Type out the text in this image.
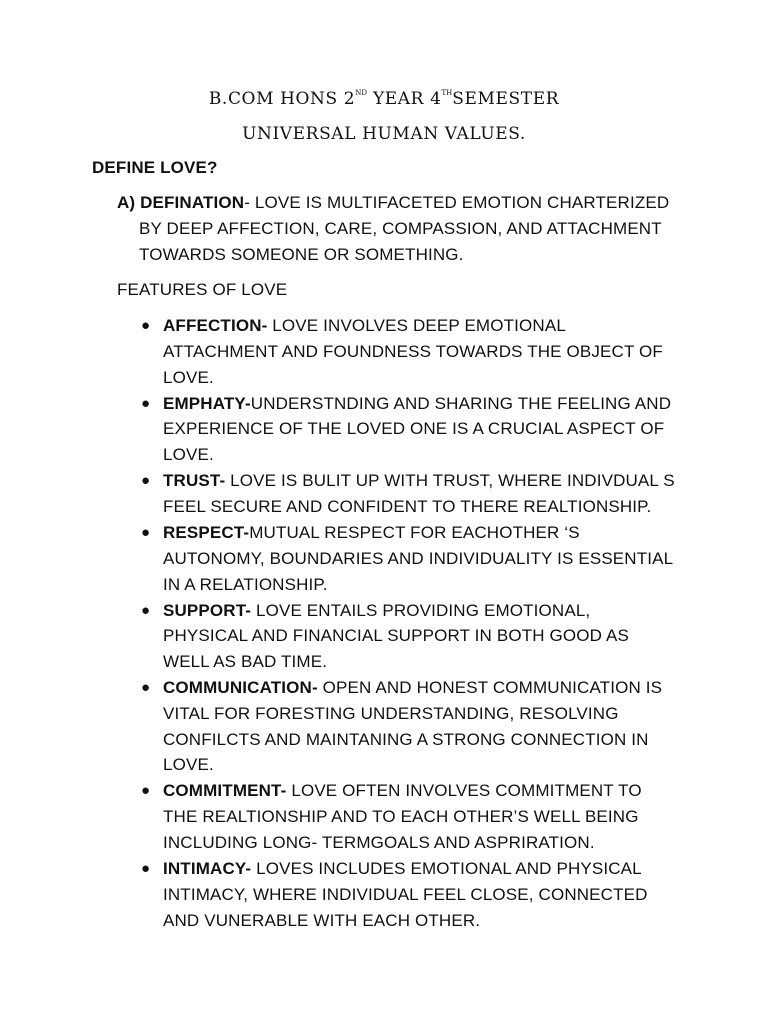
B.COM HONS 2ND YEAR 4THSEMESTER
UNIVERSAL HUMAN VALUES.
DEFINE LOVE?
A) DEFINATION- LOVE IS MULTIFACETED EMOTION CHARTERIZED BY DEEP AFFECTION, CARE, COMPASSION, AND ATTACHMENT TOWARDS SOMEONE OR SOMETHING.
FEATURES OF LOVE
● AFFECTION- LOVE INVOLVES DEEP EMOTIONAL ATTACHMENT AND FOUNDNESS TOWARDS THE OBJECT OF LOVE.
● EMPHATY-UNDERSTNDING AND SHARING THE FEELING AND EXPERIENCE OF THE LOVED ONE IS A CRUCIAL ASPECT OF LOVE.
● TRUST- LOVE IS BULIT UP WITH TRUST, WHERE INDIVDUAL S FEEL SECURE AND CONFIDENT TO THERE REALTIONSHIP.
● RESPECT-MUTUAL RESPECT FOR EACHOTHER ‘S AUTONOMY, BOUNDARIES AND INDIVIDUALITY IS ESSENTIAL IN A RELATIONSHIP.
● SUPPORT- LOVE ENTAILS PROVIDING EMOTIONAL, PHYSICAL AND FINANCIAL SUPPORT IN BOTH GOOD AS WELL AS BAD TIME.
● COMMUNICATION- OPEN AND HONEST COMMUNICATION IS VITAL FOR FORESTING UNDERSTANDING, RESOLVING CONFILCTS AND MAINTANING A STRONG CONNECTION IN LOVE.
● COMMITMENT- LOVE OFTEN INVOLVES COMMITMENT TO THE REALTIONSHIP AND TO EACH OTHER’S WELL BEING INCLUDING LONG- TERMGOALS AND ASPRIRATION.
● INTIMACY- LOVES INCLUDES EMOTIONAL AND PHYSICAL INTIMACY, WHERE INDIVIDUAL FEEL CLOSE, CONNECTED AND VUNERABLE WITH EACH OTHER.
